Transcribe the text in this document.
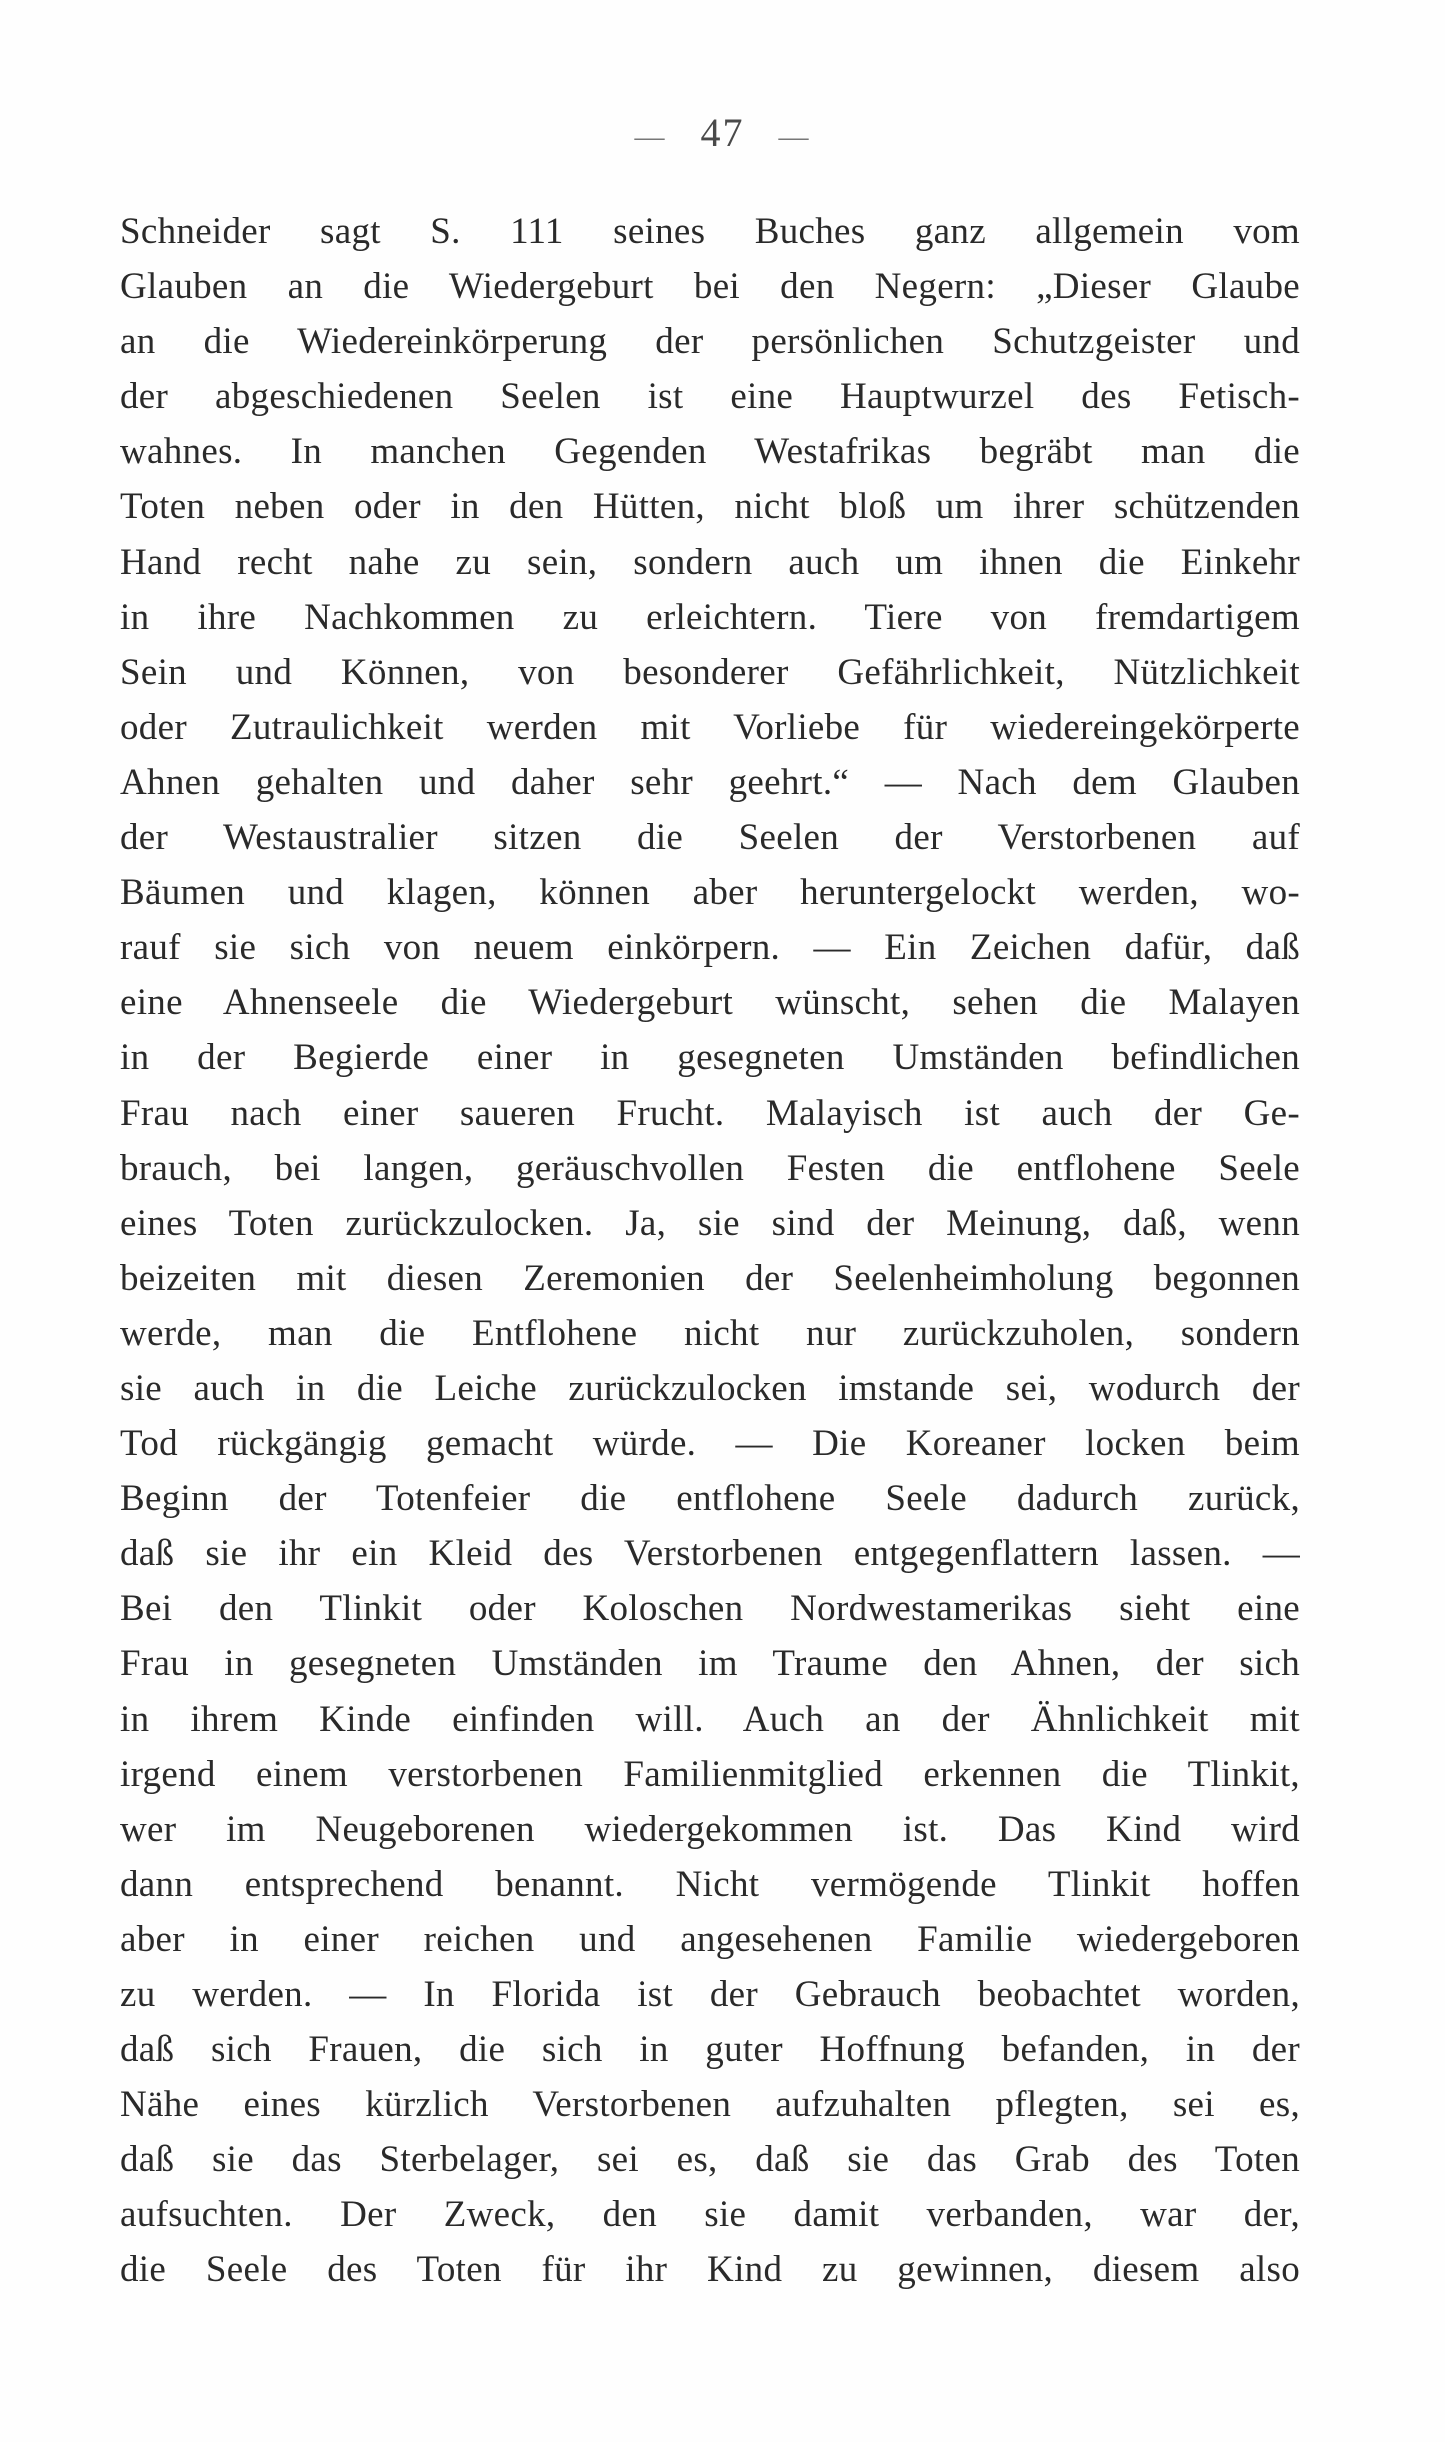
— 47 —
Schneider sagt S. 111 seines Buches ganz allgemein vom
Glauben an die Wiedergeburt bei den Negern: „Dieser Glaube
an die Wiedereinkörperung der persönlichen Schutzgeister und
der abgeschiedenen Seelen ist eine Hauptwurzel des Fetisch-
wahnes. In manchen Gegenden Westafrikas begräbt man die
Toten neben oder in den Hütten, nicht bloß um ihrer schützenden
Hand recht nahe zu sein, sondern auch um ihnen die Einkehr
in ihre Nachkommen zu erleichtern. Tiere von fremdartigem
Sein und Können, von besonderer Gefährlichkeit, Nützlichkeit
oder Zutraulichkeit werden mit Vorliebe für wiedereingekörperte
Ahnen gehalten und daher sehr geehrt.“ — Nach dem Glauben
der Westaustralier sitzen die Seelen der Verstorbenen auf
Bäumen und klagen, können aber heruntergelockt werden, wo-
rauf sie sich von neuem einkörpern. — Ein Zeichen dafür, daß
eine Ahnenseele die Wiedergeburt wünscht, sehen die Malayen
in der Begierde einer in gesegneten Umständen befindlichen
Frau nach einer saueren Frucht. Malayisch ist auch der Ge-
brauch, bei langen, geräuschvollen Festen die entflohene Seele
eines Toten zurückzulocken. Ja, sie sind der Meinung, daß, wenn
beizeiten mit diesen Zeremonien der Seelenheimholung begonnen
werde, man die Entflohene nicht nur zurückzuholen, sondern
sie auch in die Leiche zurückzulocken imstande sei, wodurch der
Tod rückgängig gemacht würde. — Die Koreaner locken beim
Beginn der Totenfeier die entflohene Seele dadurch zurück,
daß sie ihr ein Kleid des Verstorbenen entgegenflattern lassen. —
Bei den Tlinkit oder Koloschen Nordwestamerikas sieht eine
Frau in gesegneten Umständen im Traume den Ahnen, der sich
in ihrem Kinde einfinden will. Auch an der Ähnlichkeit mit
irgend einem verstorbenen Familienmitglied erkennen die Tlinkit,
wer im Neugeborenen wiedergekommen ist. Das Kind wird
dann entsprechend benannt. Nicht vermögende Tlinkit hoffen
aber in einer reichen und angesehenen Familie wiedergeboren
zu werden. — In Florida ist der Gebrauch beobachtet worden,
daß sich Frauen, die sich in guter Hoffnung befanden, in der
Nähe eines kürzlich Verstorbenen aufzuhalten pflegten, sei es,
daß sie das Sterbelager, sei es, daß sie das Grab des Toten
aufsuchten. Der Zweck, den sie damit verbanden, war der,
die Seele des Toten für ihr Kind zu gewinnen, diesem also
